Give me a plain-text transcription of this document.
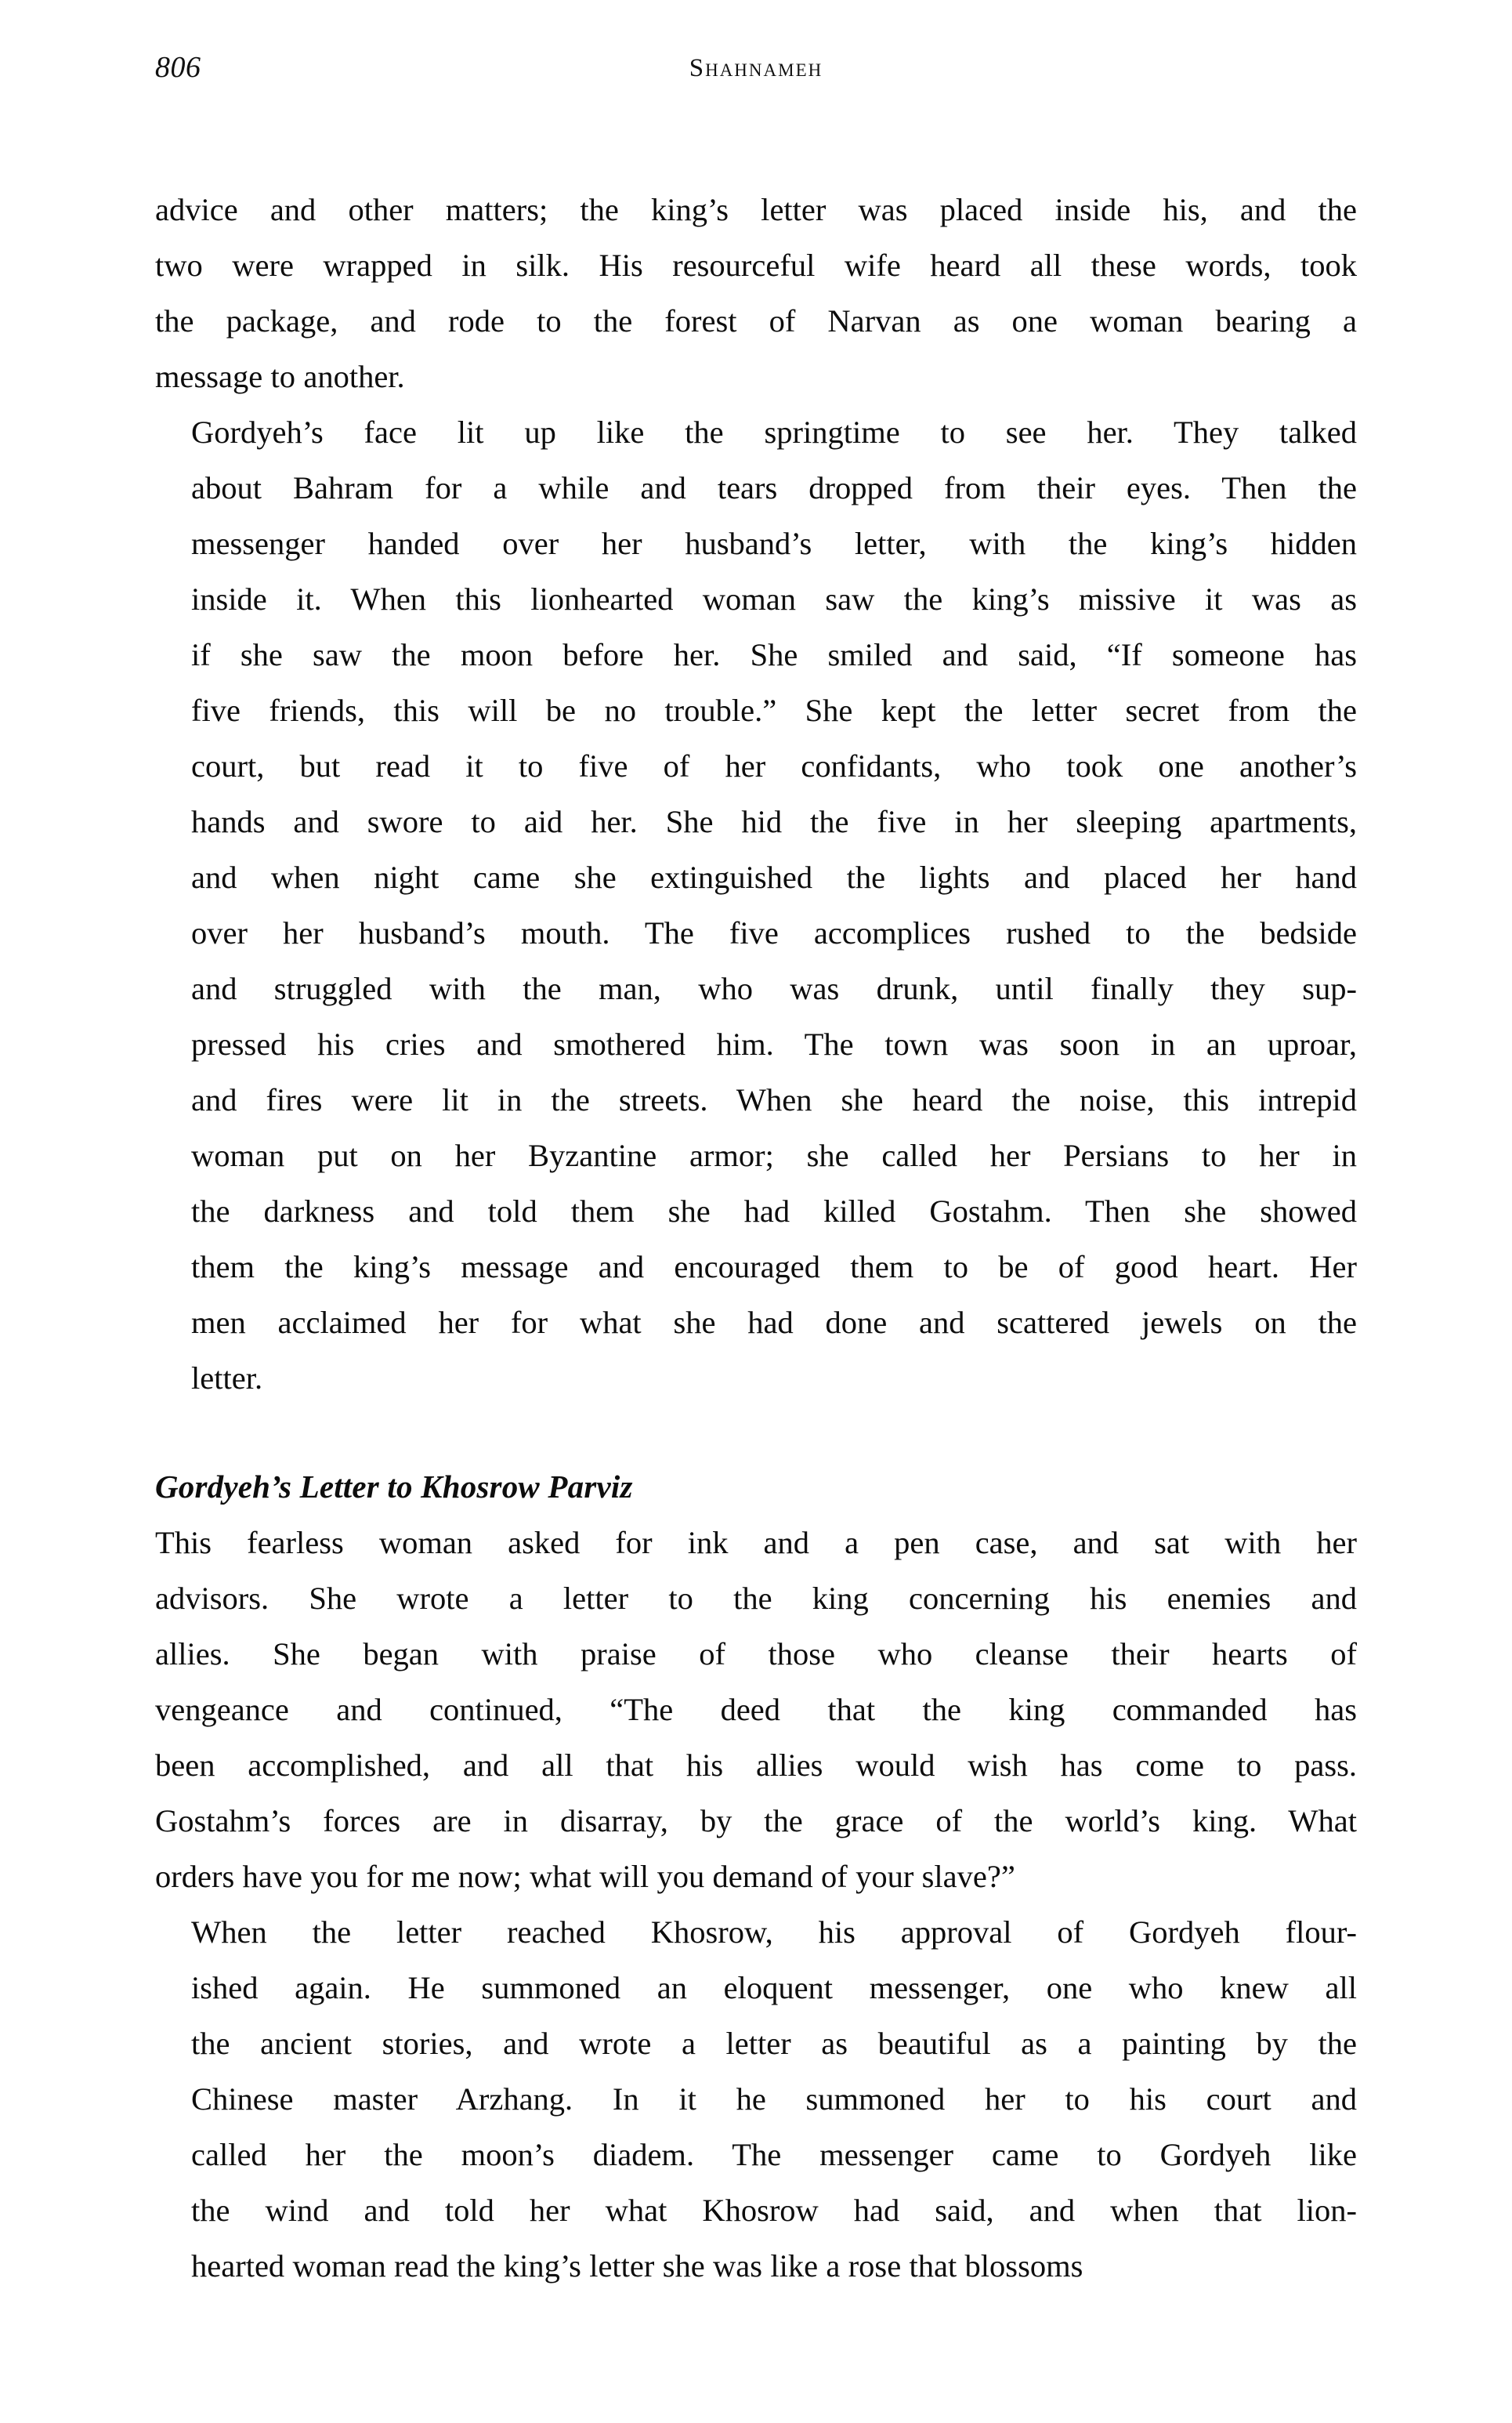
806	Shahnameh

advice and other matters; the king’s letter was placed inside his, and the
two were wrapped in silk. His resourceful wife heard all these words, took
the package, and rode to the forest of Narvan as one woman bearing a
message to another.

Gordyeh’s face lit up like the springtime to see her. They talked
about Bahram for a while and tears dropped from their eyes. Then the
messenger handed over her husband’s letter, with the king’s hidden
inside it. When this lionhearted woman saw the king’s missive it was as
if she saw the moon before her. She smiled and said, “If someone has
five friends, this will be no trouble.” She kept the letter secret from the
court, but read it to five of her confidants, who took one another’s
hands and swore to aid her. She hid the five in her sleeping apartments,
and when night came she extinguished the lights and placed her hand
over her husband’s mouth. The five accomplices rushed to the bedside
and struggled with the man, who was drunk, until finally they sup-
pressed his cries and smothered him. The town was soon in an uproar,
and fires were lit in the streets. When she heard the noise, this intrepid
woman put on her Byzantine armor; she called her Persians to her in
the darkness and told them she had killed Gostahm. Then she showed
them the king’s message and encouraged them to be of good heart. Her
men acclaimed her for what she had done and scattered jewels on the
letter.

Gordyeh’s Letter to Khosrow Parviz

This fearless woman asked for ink and a pen case, and sat with her
advisors. She wrote a letter to the king concerning his enemies and
allies. She began with praise of those who cleanse their hearts of
vengeance and continued, “The deed that the king commanded has
been accomplished, and all that his allies would wish has come to pass.
Gostahm’s forces are in disarray, by the grace of the world’s king. What
orders have you for me now; what will you demand of your slave?”

When the letter reached Khosrow, his approval of Gordyeh flour-
ished again. He summoned an eloquent messenger, one who knew all
the ancient stories, and wrote a letter as beautiful as a painting by the
Chinese master Arzhang. In it he summoned her to his court and
called her the moon’s diadem. The messenger came to Gordyeh like
the wind and told her what Khosrow had said, and when that lion-
hearted woman read the king’s letter she was like a rose that blossoms
